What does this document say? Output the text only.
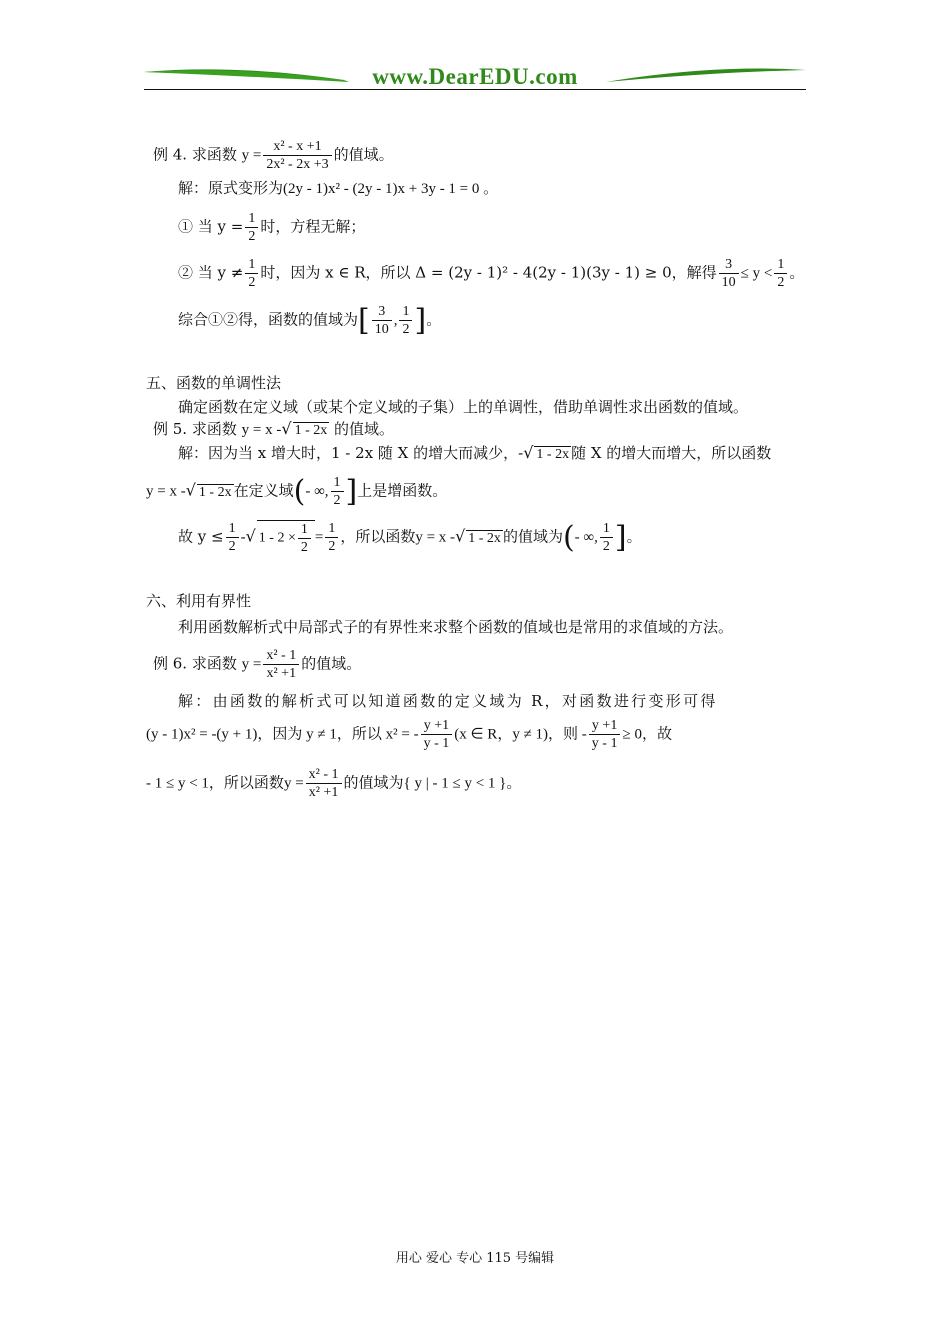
www.DearEDU.com
例 4. 求函数 $y = \frac{\text{x² - x +1}}{\text{2x² - 2x +3}}$ 的值域。
解：原式变形为(2y - 1)x² - (2y - 1)x + 3y - 1 = 0 。
① 当 $y = \frac{1}{2}$ 时，方程无解；
② 当 $y \ne \frac{1}{2}$ 时，因为 x ∈ R，所以 Δ = (2y - 1)² - 4(2y - 1)(3y - 1) ≥ 0，解得 $\frac{3}{10} \le y < \frac{1}{2}$ 。
综合①②得，函数的值域为[ $\frac{3}{10}$ , $\frac{1}{2}$ ]。
五、函数的单调性法
确定函数在定义域（或某个定义域的子集）上的单调性，借助单调性求出函数的值域。
例 5. 求函数 y = x -√ 1 - 2x 的值域。
解：因为当 x 增大时，1 - 2x 随 X 的增大而减少，-√ 1 - 2x 随 X 的增大而增大，所以函数
y = x -√ 1 - 2x 在定义域(- ∞, $\frac{1}{2}$ ]上是增函数。
故 $y \le \frac{1}{2}$ -√ $1 - 2 \times \frac{1}{2} = \frac{1}{2}$ ，所以函数y = x -√ 1 - 2x 的值域为(- ∞, $\frac{1}{2}$ ]。
六、利用有界性
利用函数解析式中局部式子的有界性来求整个函数的值域也是常用的求值域的方法。
例 6. 求函数 $y = \frac{\text{x² - 1}}{\text{x² +1}}$ 的值域。
解：由函数的解析式可以知道函数的定义域为 R，对函数进行变形可得
(y - 1)x² = -(y + 1)，因为 y ≠ 1，所以 x² = - $\frac{y +1}{y - 1} (x$ ∈ R，y ≠ 1)，则 - $\frac{y +1}{y - 1} \ge 0$，故
- 1 ≤ y < 1，所以函数$y = \frac{\text{x² - 1}}{\text{x² +1}}$ 的值域为{ y | - 1 ≤ y < 1 }。
用心 爱心 专心 115 号编辑
